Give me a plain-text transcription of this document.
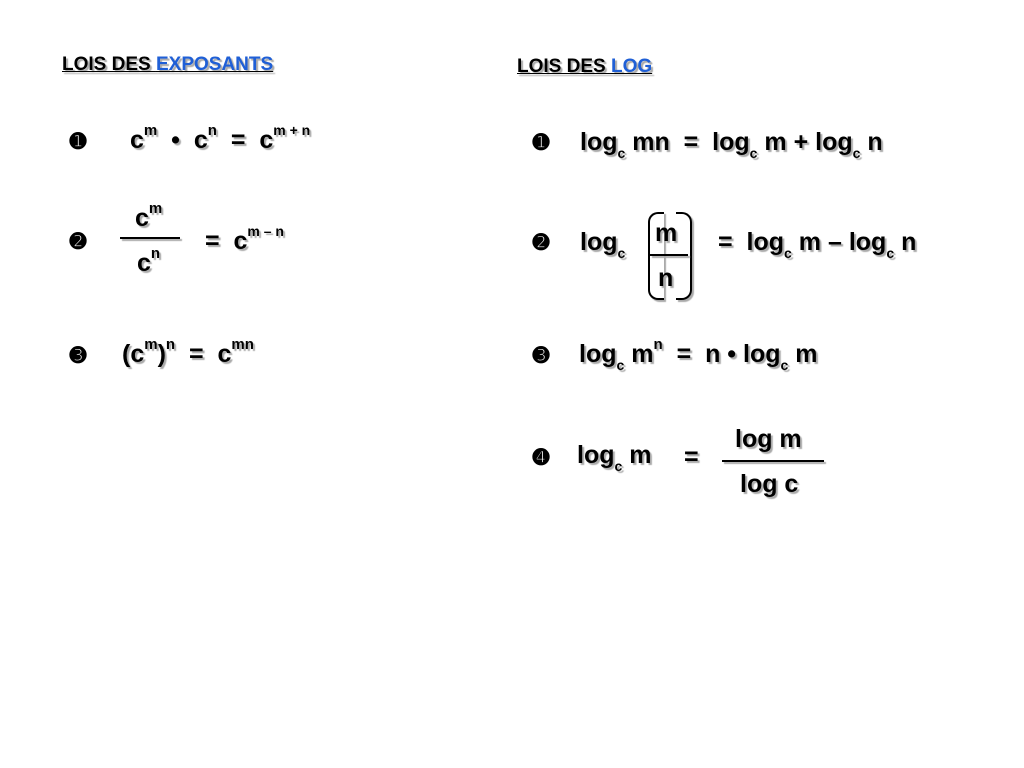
LOIS DES EXPOSANTS
➊ $c^m$ • $c^n = c^{m + n}$
➋
$c^m$
$c^n = c^{m - n}$
➌ $(c^m)^n = c^{mn}$
LOIS DES LOG
➊ $\log_c$ mn = $\log_c m + \log_c n$
➋ $\log_c$
m
n
= $\log_c m - \log_c n$
➌ $\log_c m^n = n$ • $\log_c m$
➍ $\log_c m$ =
log m
log c
